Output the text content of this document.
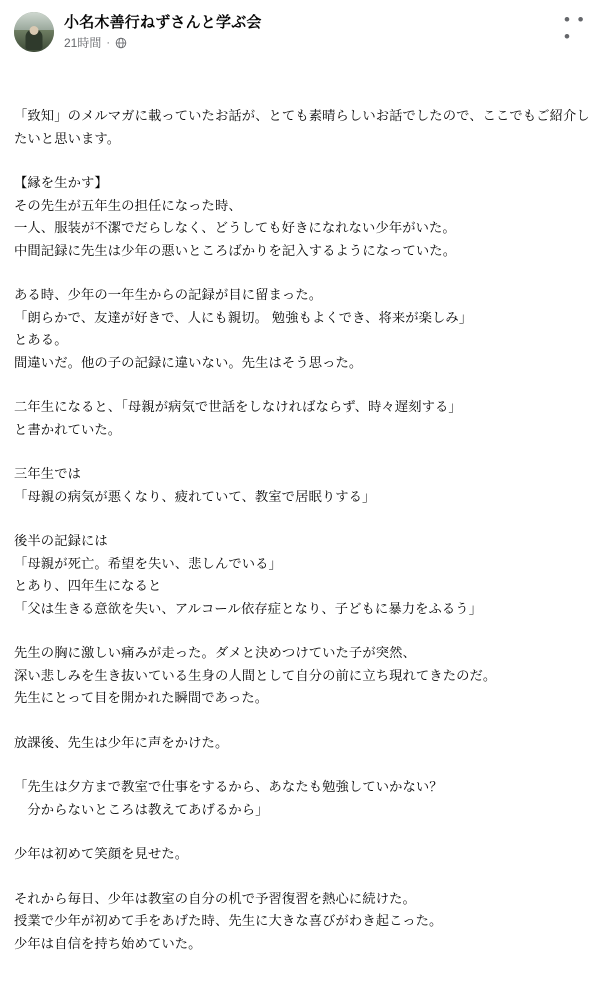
小名木善行ねずさんと学ぶ会
21時間 ·
• • •

「致知」のメルマガに載っていたお話が、とても素晴らしいお話でしたので、ここでもご紹介したいと思います。

【縁を生かす】

その先生が五年生の担任になった時、

一人、服装が不潔でだらしなく、どうしても好きになれない少年がいた。

中間記録に先生は少年の悪いところばかりを記入するようになっていた。

ある時、少年の一年生からの記録が目に留まった。

「朗らかで、友達が好きで、人にも親切。 勉強もよくでき、将来が楽しみ」

とある。

間違いだ。他の子の記録に違いない。先生はそう思った。

二年生になると、「母親が病気で世話をしなければならず、時々遅刻する」

と書かれていた。

三年生では

「母親の病気が悪くなり、疲れていて、教室で居眠りする」

後半の記録には

「母親が死亡。希望を失い、悲しんでいる」

とあり、四年生になると

「父は生きる意欲を失い、アルコール依存症となり、子どもに暴力をふるう」

先生の胸に激しい痛みが走った。ダメと決めつけていた子が突然、

深い悲しみを生き抜いている生身の人間として自分の前に立ち現れてきたのだ。

先生にとって目を開かれた瞬間であった。

放課後、先生は少年に声をかけた。

「先生は夕方まで教室で仕事をするから、あなたも勉強していかない？

　分からないところは教えてあげるから」

少年は初めて笑顔を見せた。

それから毎日、少年は教室の自分の机で予習復習を熱心に続けた。

授業で少年が初めて手をあげた時、先生に大きな喜びがわき起こった。

少年は自信を持ち始めていた。
